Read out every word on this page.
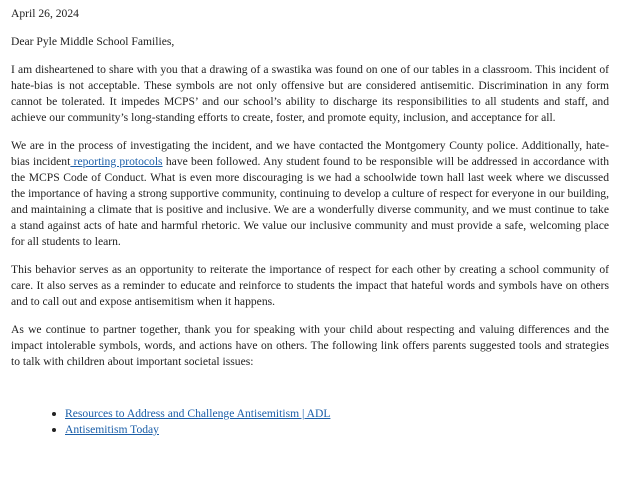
April 26, 2024
Dear Pyle Middle School Families,

I am disheartened to share with you that a drawing of a swastika was found on one of our tables in a classroom. This incident of hate-bias is not acceptable. These symbols are not only offensive but are considered antisemitic. Discrimination in any form cannot be tolerated. It impedes MCPS’ and our school’s ability to discharge its responsibilities to all students and staff, and achieve our community’s long-standing efforts to create, foster, and promote equity, inclusion, and acceptance for all.

We are in the process of investigating the incident, and we have contacted the Montgomery County police. Additionally, hate-bias incident reporting protocols have been followed. Any student found to be responsible will be addressed in accordance with the MCPS Code of Conduct. What is even more discouraging is we had a schoolwide town hall last week where we discussed the importance of having a strong supportive community, continuing to develop a culture of respect for everyone in our building, and maintaining a climate that is positive and inclusive. We are a wonderfully diverse community, and we must continue to take a stand against acts of hate and harmful rhetoric. We value our inclusive community and must provide a safe, welcoming place for all students to learn.

This behavior serves as an opportunity to reiterate the importance of respect for each other by creating a school community of care. It also serves as a reminder to educate and reinforce to students the impact that hateful words and symbols have on others and to call out and expose antisemitism when it happens.

As we continue to partner together, thank you for speaking with your child about respecting and valuing differences and the impact intolerable symbols, words, and actions have on others. The following link offers parents suggested tools and strategies to talk with children about important societal issues:

Resources to Address and Challenge Antisemitism | ADL
Antisemitism Today
